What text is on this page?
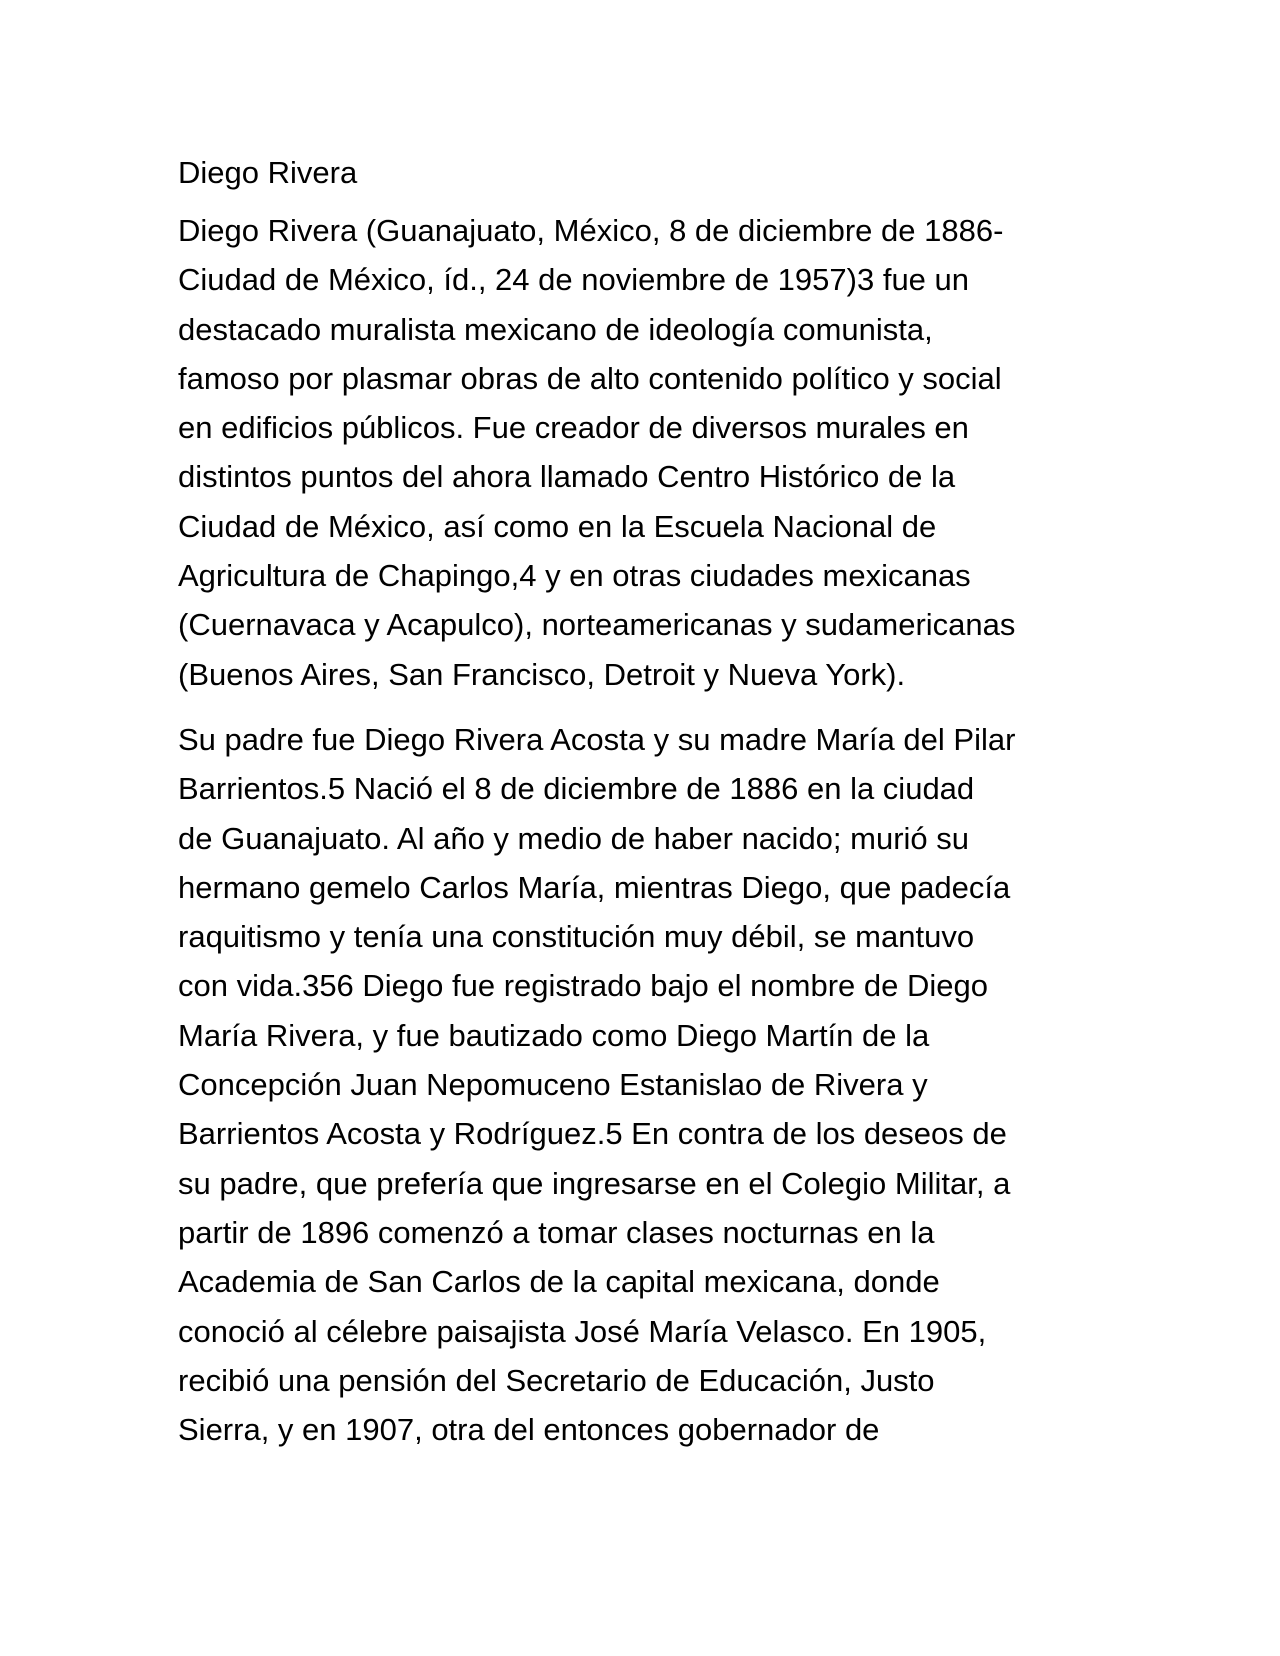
Diego Rivera
Diego Rivera (Guanajuato, México, 8 de diciembre de 1886-
Ciudad de México, íd., 24 de noviembre de 1957)3 fue un
destacado muralista mexicano de ideología comunista,
famoso por plasmar obras de alto contenido político y social
en edificios públicos. Fue creador de diversos murales en
distintos puntos del ahora llamado Centro Histórico de la
Ciudad de México, así como en la Escuela Nacional de
Agricultura de Chapingo,4 y en otras ciudades mexicanas
(Cuernavaca y Acapulco), norteamericanas y sudamericanas
(Buenos Aires, San Francisco, Detroit y Nueva York).
Su padre fue Diego Rivera Acosta y su madre María del Pilar
Barrientos.5 Nació el 8 de diciembre de 1886 en la ciudad
de Guanajuato. Al año y medio de haber nacido; murió su
hermano gemelo Carlos María, mientras Diego, que padecía
raquitismo y tenía una constitución muy débil, se mantuvo
con vida.356 Diego fue registrado bajo el nombre de Diego
María Rivera, y fue bautizado como Diego Martín de la
Concepción Juan Nepomuceno Estanislao de Rivera y
Barrientos Acosta y Rodríguez.5 En contra de los deseos de
su padre, que prefería que ingresarse en el Colegio Militar, a
partir de 1896 comenzó a tomar clases nocturnas en la
Academia de San Carlos de la capital mexicana, donde
conoció al célebre paisajista José María Velasco. En 1905,
recibió una pensión del Secretario de Educación, Justo
Sierra, y en 1907, otra del entonces gobernador de
